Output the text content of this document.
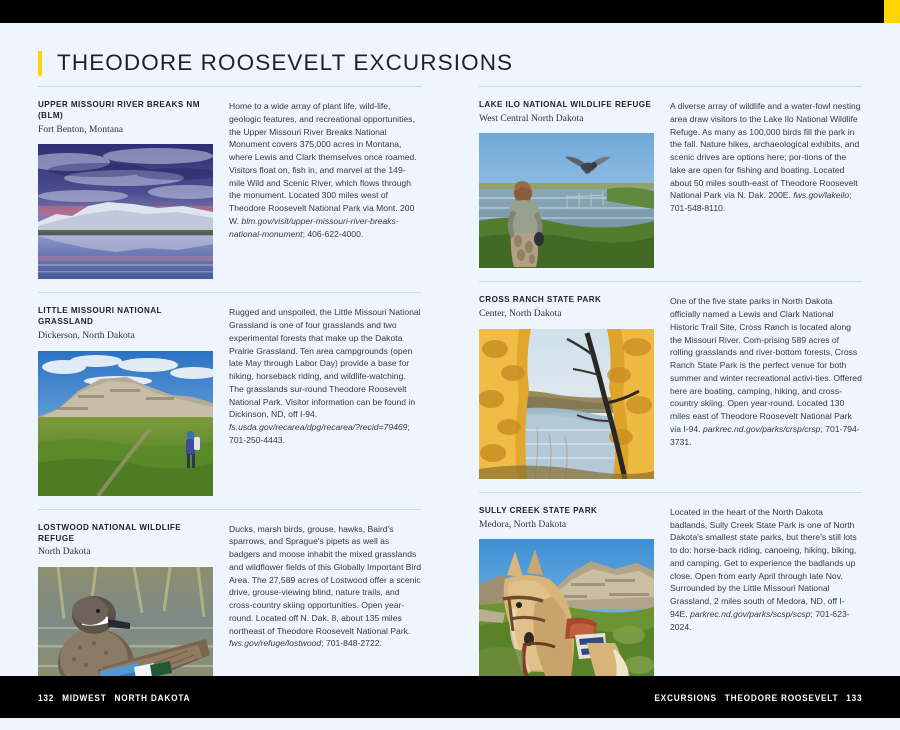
THEODORE ROOSEVELT EXCURSIONS
UPPER MISSOURI RIVER BREAKS NM (BLM)
Fort Benton, Montana
Home to a wide array of plant life, wild-life, geologic features, and recreational opportunities, the Upper Missouri River Breaks National Monument covers 375,000 acres in Montana, where Lewis and Clark themselves once roamed. Visitors float on, fish in, and marvel at the 149-mile Wild and Scenic River, which flows through the monument. Located 300 miles west of Theodore Roosevelt National Park via Mont. 200 W. blm.gov/visit/upper-missouri-river-breaks-national-monument; 406-622-4000.
LITTLE MISSOURI NATIONAL GRASSLAND
Dickerson, North Dakota
Rugged and unspoiled, the Little Missouri National Grassland is one of four grasslands and two experimental forests that make up the Dakota Prairie Grassland. Ten area campgrounds (open late May through Labor Day) provide a base for hiking, horseback riding, and wildlife-watching. The grasslands sur-round Theodore Roosevelt National Park. Visitor information can be found in Dickinson, ND, off I-94. fs.usda.gov/recarea/dpg/recarea/?recid=79469; 701-250-4443.
LOSTWOOD NATIONAL WILDLIFE REFUGE
North Dakota
Ducks, marsh birds, grouse, hawks, Baird's sparrows, and Sprague's pipets as well as badgers and moose inhabit the mixed grasslands and wildflower fields of this Globally Important Bird Area. The 27,589 acres of Lostwood offer a scenic drive, grouse-viewing blind, nature trails, and cross-country skiing opportunities. Open year-round. Located off N. Dak. 8, about 135 miles northeast of Theodore Roosevelt National Park. fws.gov/refuge/lostwood; 701-848-2722.
LAKE ILO NATIONAL WILDLIFE REFUGE
West Central North Dakota
A diverse array of wildlife and a water-fowl nesting area draw visitors to the Lake Ilo National Wildlife Refuge. As many as 100,000 birds fill the park in the fall. Nature hikes, archaeological exhibits, and scenic drives are options here; por-tions of the lake are open for fishing and boating. Located about 50 miles south-east of Theodore Roosevelt National Park via N. Dak. 200E. fws.gov/lakeilo; 701-548-8110.
CROSS RANCH STATE PARK
Center, North Dakota
One of the five state parks in North Dakota officially named a Lewis and Clark National Historic Trail Site, Cross Ranch is located along the Missouri River. Com-prising 589 acres of rolling grasslands and river-bottom forests, Cross Ranch State Park is the perfect venue for both summer and winter recreational activi-ties. Offered here are boating, camping, hiking, and cross-country skiing. Open year-round. Located 130 miles east of Theodore Roosevelt National Park via I-94. parkrec.nd.gov/parks/crsp/crsp; 701-794-3731.
SULLY CREEK STATE PARK
Medora, North Dakota
Located in the heart of the North Dakota badlands, Sully Creek State Park is one of North Dakota's smallest state parks, but there's still lots to do: horse-back riding, canoeing, hiking, biking, and camping. Get to experience the badlands up close. Open from early April through late Nov. Surrounded by the Little Missouri National Grassland, 2 miles south of Medora, ND, off I-94E. parkrec.nd.gov/parks/scsp/scsp; 701-623-2024.
132 MIDWEST NORTH DAKOTA	EXCURSIONS THEODORE ROOSEVELT 133
